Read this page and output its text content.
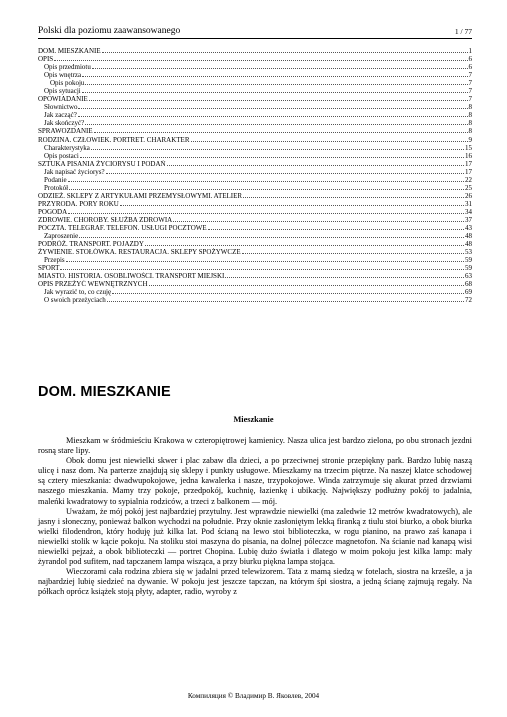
Polski dla poziomu zaawansowanego	1 / 77
DOM. MIESZKANIE	1
OPIS	6
Opis przedmiotu	6
Opis wnętrza	7
Opis pokoju	7
Opis sytuacji	7
OPOWIADANIE	7
Słownictwo	8
Jak zacząć?	8
Jak skończyć?	8
SPRAWOZDANIE	8
RODZINA. CZŁOWIEK. PORTRET. CHARAKTER	9
Charakterystyka	15
Opis postaci	16
SZTUKA PISANIA ŻYCIORYSU I PODAŃ	17
Jak napisać życiorys?	17
Podanie	22
Protokół	25
ODZIEŻ. SKLEPY Z ARTYKUŁAMI PRZEMYSŁOWYMI. ATELIER	26
PRZYRODA. PORY ROKU	31
POGODA	34
ZDROWIE. CHOROBY. SŁUŻBA ZDROWIA	37
POCZTA. TELEGRAF. TELEFON. USŁUGI POCZTOWE	43
Zaproszenie	48
PODRÓŻ. TRANSPORT. POJAZDY	48
ŻYWIENIE. STOŁÓWKA. RESTAURACJA. SKLEPY SPOŻYWCZE	53
Przepis	59
SPORT	59
MIASTO. HISTORIA. OSOBLIWOŚCI. TRANSPORT MIEJSKI	63
OPIS PRZEŻYĆ WEWNĘTRZNYCH	68
Jak wyrazić to, co czuję	69
O swoich przeżyciach	72
DOM. MIESZKANIE
Mieszkanie

Mieszkam w śródmieściu Krakowa w czteropiętrowej kamienicy. Nasza ulica jest bardzo zielona, po obu stronach jezdni rosną stare lipy.

Obok domu jest niewielki skwer i plac zabaw dla dzieci, a po przeciwnej stronie przepiękny park. Bardzo lubię naszą ulicę i nasz dom. Na parterze znajdują się sklepy i punkty usługowe. Mieszkamy na trzecim piętrze. Na naszej klatce schodowej są cztery mieszkania: dwadwupokojowe, jedna kawalerka i nasze, trzypokojowe. Winda zatrzymuje się akurat przed drzwiami naszego mieszkania. Mamy trzy pokoje, przedpokój, kuchnię, łazienkę i ubikację. Największy podłużny pokój to jadalnia, maleńki kwadratowy to sypialnia rodziców, a trzeci z balkonem — mój.

Uważam, że mój pokój jest najbardziej przytulny. Jest wprawdzie niewielki (ma zaledwie 12 metrów kwadratowych), ale jasny i słoneczny, ponieważ balkon wychodzi na południe. Przy oknie zasłoniętym lekką firanką z tiulu stoi biurko, a obok biurka wielki filodendron, który hoduję już kilka lat. Pod ścianą na lewo stoi biblioteczka, w rogu pianino, na prawo zaś kanapa i niewielki stolik w kącie pokoju. Na stoliku stoi maszyna do pisania, na dolnej póleczce magnetofon. Na ścianie nad kanapą wisi niewielki pejzaż, a obok biblioteczki — portret Chopina. Lubię dużo światła i dlatego w moim pokoju jest kilka lamp: mały żyrandol pod sufitem, nad tapczanem lampa wisząca, a przy biurku piękna lampa stojąca.

Wieczorami cała rodzina zbiera się w jadalni przed telewizorem. Tata z mamą siedzą w fotelach, siostra na krześle, a ja najbardziej lubię siedzieć na dywanie. W pokoju jest jeszcze tapczan, na którym śpi siostra, a jedną ścianę zajmują regały. Na półkach oprócz książek stoją płyty, adapter, radio, wyroby z

Компиляция © Владимир В. Яковлев, 2004
